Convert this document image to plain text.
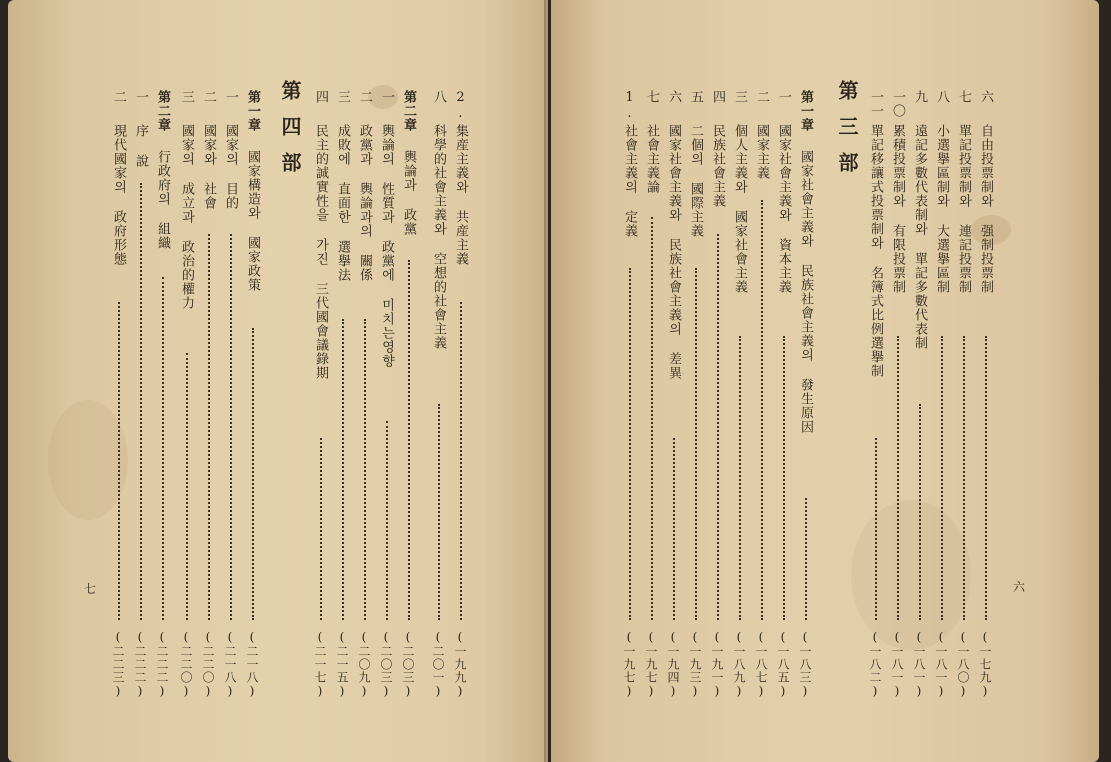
第四部
七
2.
集産主義와 共産主義
(一九九)
八
科學的社會主義와 空想的社會主義
(二〇一)
第二章
輿論과 政黨
(二〇三)
一
輿論의 性質과 政黨에 미치는영향
(二〇三)
二
政黨과 輿論과의 關係
(二〇九)
三
成敗에 直面한 選擧法
(二一五)
四
民主的誠實性을 가진 三代國會議錄期
(二一七)
第一章
國家構造와 國家政策
(二一八)
一
國家의 目的
(二一八)
二
國家와 社會
(二二〇)
三
國家의 成立과 政治的權力
(二二〇)
第二章
行政府의 組織
(二二二)
一
序 說
(二二二)
二
現代國家의 政府形態
(二二三)
第三部
六
六
自由投票制와 强制投票制
(一七九)
七
單記投票制와 連記投票制
(一八〇)
八
小選擧區制와 大選擧區制
(一八一)
九
遠記多數代表制와 單記多數代表制
(一八一)
一〇
累積投票制와 有限投票制
(一八一)
一一
單記移讓式投票制와 名簿式比例選擧制
(一八二)
第一章
國家社會主義와 民族社會主義의 發生原因
(一八三)
一
國家社會主義와 資本主義
(一八五)
二
國家主義
(一八七)
三
個人主義와 國家社會主義
(一八九)
四
民族社會主義
(一九一)
五
二個의 國際主義
(一九三)
六
國家社會主義와 民族社會主義의 差異
(一九四)
七
社會主義論
(一九七)
1.
社會主義의 定義
(一九七)
